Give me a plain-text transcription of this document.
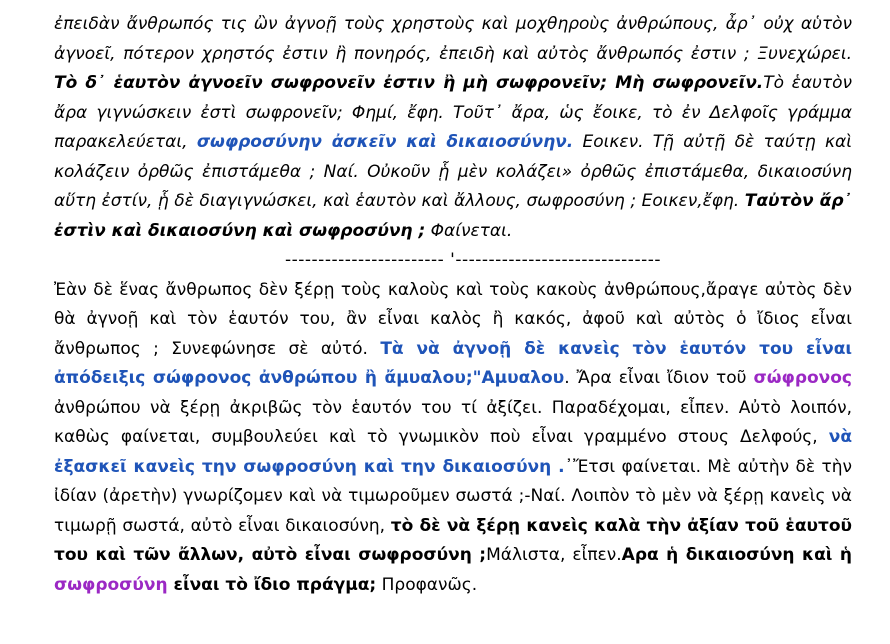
ἐπειδὰν ἄνθρωπός τις ὢν ἀγνοῇ τοὺς χρηστοὺς καὶ μοχθηροὺς ἀνθρώπους, ἆρ᾽ οὐχ αὑτὸν ἀγνοεῖ, πότερον χρηστός ἐστιν ἢ πονηρός, ἐπειδὴ καὶ αὐτὸς ἄνθρωπός ἐστιν ; Ξυνεχώρει. Τὸ δ᾽ ἑαυτὸν ἀγνοεῖν σωφρονεῖν ἐστιν ἢ μὴ σωφρονεῖν; Μὴ σωφρονεῖν.Τὸ ἑαυτὸν ἄρα γιγνώσκειν ἐστὶ σωφρονεῖν; Φημί, ἔφη. Τοῦτ᾽ ἄρα, ὡς ἔοικε, τὸ ἐν Δελφοῖς γράμμα παρακελεύεται, σωφροσύνην ἀσκεῖν καὶ δικαιοσύνην. Εοικεν. Τῇ αὐτῇ δὲ ταύτῃ καὶ κολάζειν ὀρθῶς ἐπιστάμεθα ; Ναί. Οὐκοῦν ᾗ μὲν κολάζει» ὀρθῶς ἐπιστάμεθα, δικαιοσύνη αὕτη ἐστίν, ᾗ δὲ διαγιγνώσκει, καὶ ἑαυτὸν καὶ ἄλλους, σωφροσύνη ; Εοικεν,ἔφη. Ταὐτὸν ἄρ᾽ ἐστὶν καὶ δικαιοσύνη καὶ σωφροσύνη ; Φαίνεται.

------------------------ '-------------------------------

Ἐὰν δὲ ἕνας ἄνθρωπος δὲν ξέρῃ τοὺς καλοὺς καὶ τοὺς κακοὺς ἀνθρώπους,ἄραγε αὐτὸς δὲν θὰ ἀγνοῇ καὶ τὸν ἑαυτόν του, ἂν εἶναι καλὸς ἢ κακός, ἀφοῦ καὶ αὐτὸς ὁ ἴδιος εἶναι ἄνθρωπος ; Συνεφώνησε σὲ αὐτό. Τὰ νὰ ἀγνοῇ δὲ κανεὶς τὸν ἑαυτόν του εἶναι ἀπόδειξις σώφρονος ἀνθρώπου ἢ ἄμυαλου;"Αμυαλου. Ἄρα εἶναι ἴδιον τοῦ σώφρονος ἀνθρώπου νὰ ξέρῃ ἀκριβῶς τὸν ἑαυτόν του τί ἀξίζει. Παραδέχομαι, εἶπεν. Αὐτὸ λοιπόν, καθὼς φαίνεται, συμβουλεύει καὶ τὸ γνωμικὸν ποὺ εἶναι γραμμένο στους Δελφούς, νὰ ἐξασκεῖ κανεὶς την σωφροσύνη καὶ την δικαιοσύνη .᾿Ἔτσι φαίνεται. Μὲ αὐτὴν δὲ τὴν ἰδίαν (ἀρετὴν) γνωρίζομεν καὶ νὰ τιμωροῦμεν σωστά ;-Ναί. Λοιπὸν τὸ μὲν νὰ ξέρῃ κανεὶς νὰ τιμωρῇ σωστά, αὐτὸ εἶναι δικαιοσύνη, τὸ δὲ νὰ ξέρῃ κανεὶς καλὰ τὴν ἀξίαν τοῦ ἑαυτοῦ του καὶ τῶν ἄλλων, αὐτὸ εἶναι σωφροσύνη ;Μάλιστα, εἶπεν.Αρα ἡ δικαιοσύνη καὶ ἡ σωφροσύνη εἶναι τὸ ἴδιο πράγμα; Προφανῶς.
